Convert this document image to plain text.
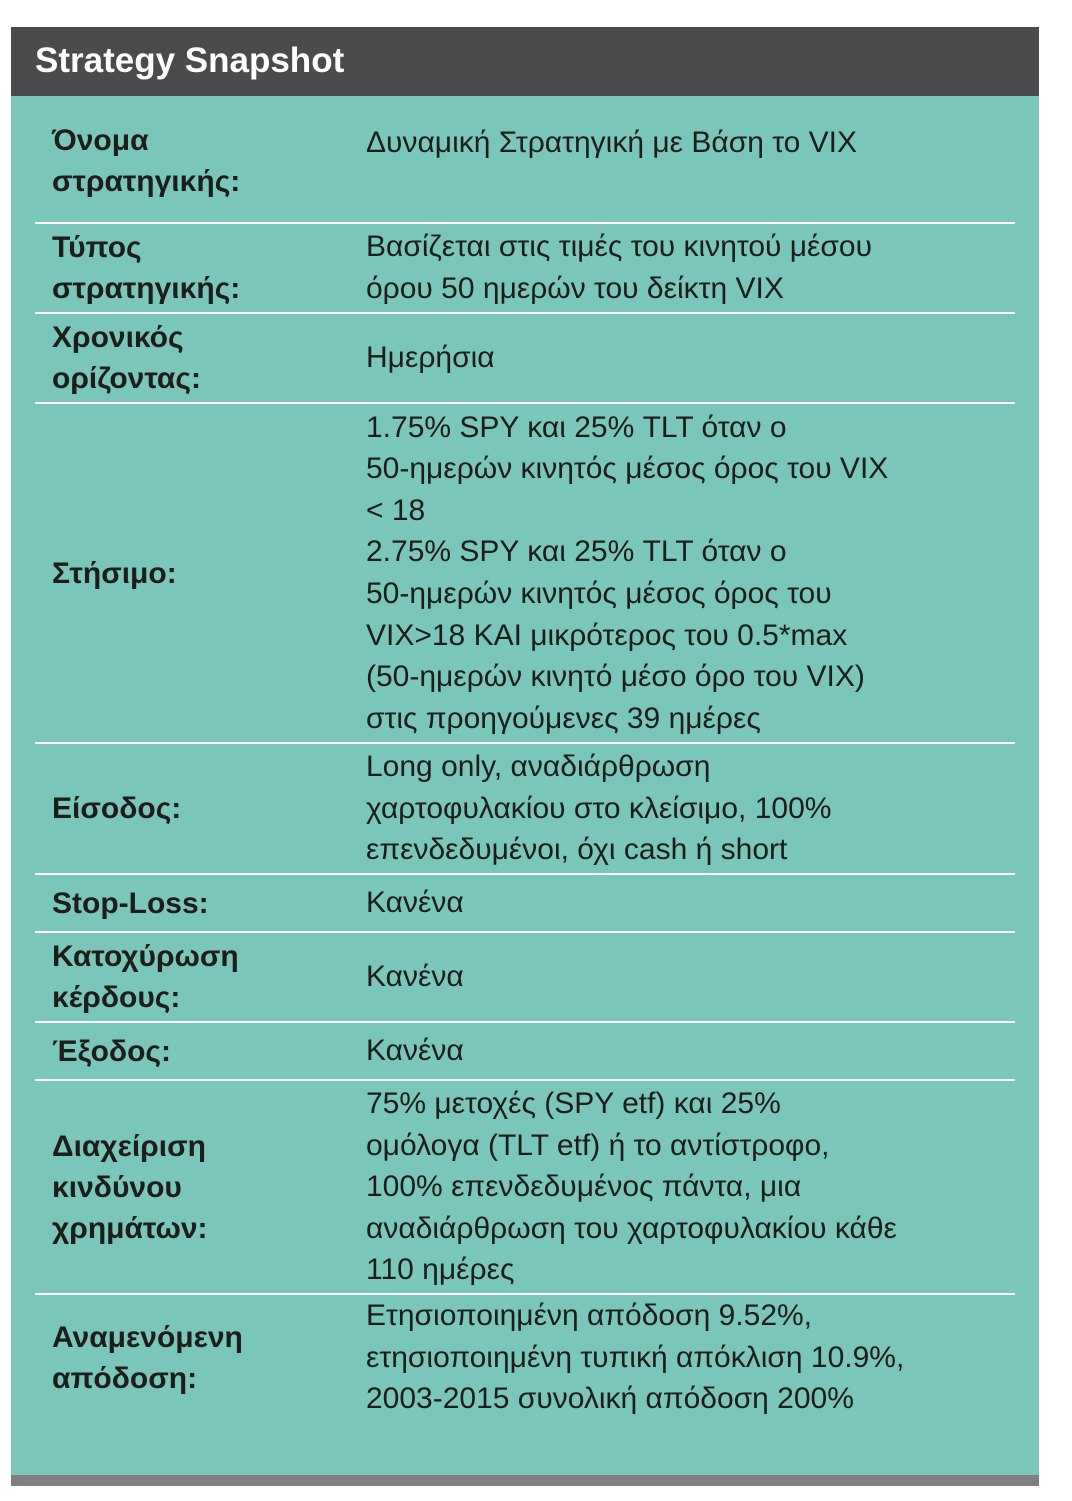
Strategy Snapshot
Όνομα
στρατηγικής:
Δυναμική Στρατηγική με Βάση το VIX
Τύπος
στρατηγικής:
Βασίζεται στις τιμές του κινητού μέσου
όρου 50 ημερών του δείκτη VIX
Χρονικός
ορίζοντας:
Ημερήσια
Στήσιμο:
1.75% SPY και 25% TLT όταν ο
50-ημερών κινητός μέσος όρος του VIX
< 18
2.75% SPY και 25% TLT όταν ο
50-ημερών κινητός μέσος όρος του
VIX>18 ΚΑΙ μικρότερος του 0.5*max
(50-ημερών κινητό μέσο όρο του VIX)
στις προηγούμενες 39 ημέρες
Είσοδος:
Long only, αναδιάρθρωση
χαρτοφυλακίου στο κλείσιμο, 100%
επενδεδυμένοι, όχι cash ή short
Stop-Loss:	Κανένα
Κατοχύρωση
κέρδους:
Κανένα
Έξοδος:	Κανένα
Διαχείριση
κινδύνου
χρημάτων:
75% μετοχές (SPY etf) και 25%
ομόλογα (TLT etf) ή το αντίστροφο,
100% επενδεδυμένος πάντα, μια
αναδιάρθρωση του χαρτοφυλακίου κάθε
110 ημέρες
Αναμενόμενη
απόδοση:
Ετησιοποιημένη απόδοση 9.52%,
ετησιοποιημένη τυπική απόκλιση 10.9%,
2003-2015 συνολική απόδοση 200%
